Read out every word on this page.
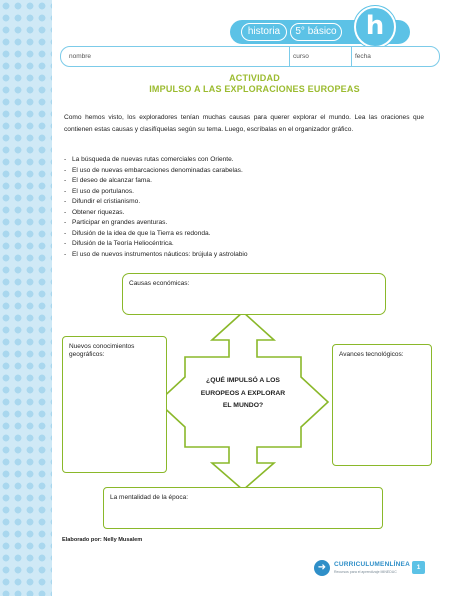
historia	5° básico	h
nombre	curso	fecha
ACTIVIDAD
IMPULSO A LAS EXPLORACIONES EUROPEAS

Como hemos visto, los exploradores tenían muchas causas para querer explorar el mundo. Lea las oraciones que contienen estas causas y clasifíquelas según su tema. Luego, escríbalas en el organizador gráfico.

- La búsqueda de nuevas rutas comerciales con Oriente.
- El uso de nuevas embarcaciones denominadas carabelas.
- El deseo de alcanzar fama.
- El uso de portulanos.
- Difundir el cristianismo.
- Obtener riquezas.
- Participar en grandes aventuras.
- Difusión de la idea de que la Tierra es redonda.
- Difusión de la Teoría Heliocéntrica.
- El uso de nuevos instrumentos náuticos: brújula y astrolabio
Causas económicas:
Nuevos conocimientos geográficos:	Avances tecnológicos:
La mentalidad de la época:
¿QUÉ IMPULSÓ A LOS EUROPEOS A EXPLORAR EL MUNDO?
Elaborado por: Nelly Musalem
➜	CURRICULUMENLÍNEA
Recursos para el aprendizaje MINEDUC
1
